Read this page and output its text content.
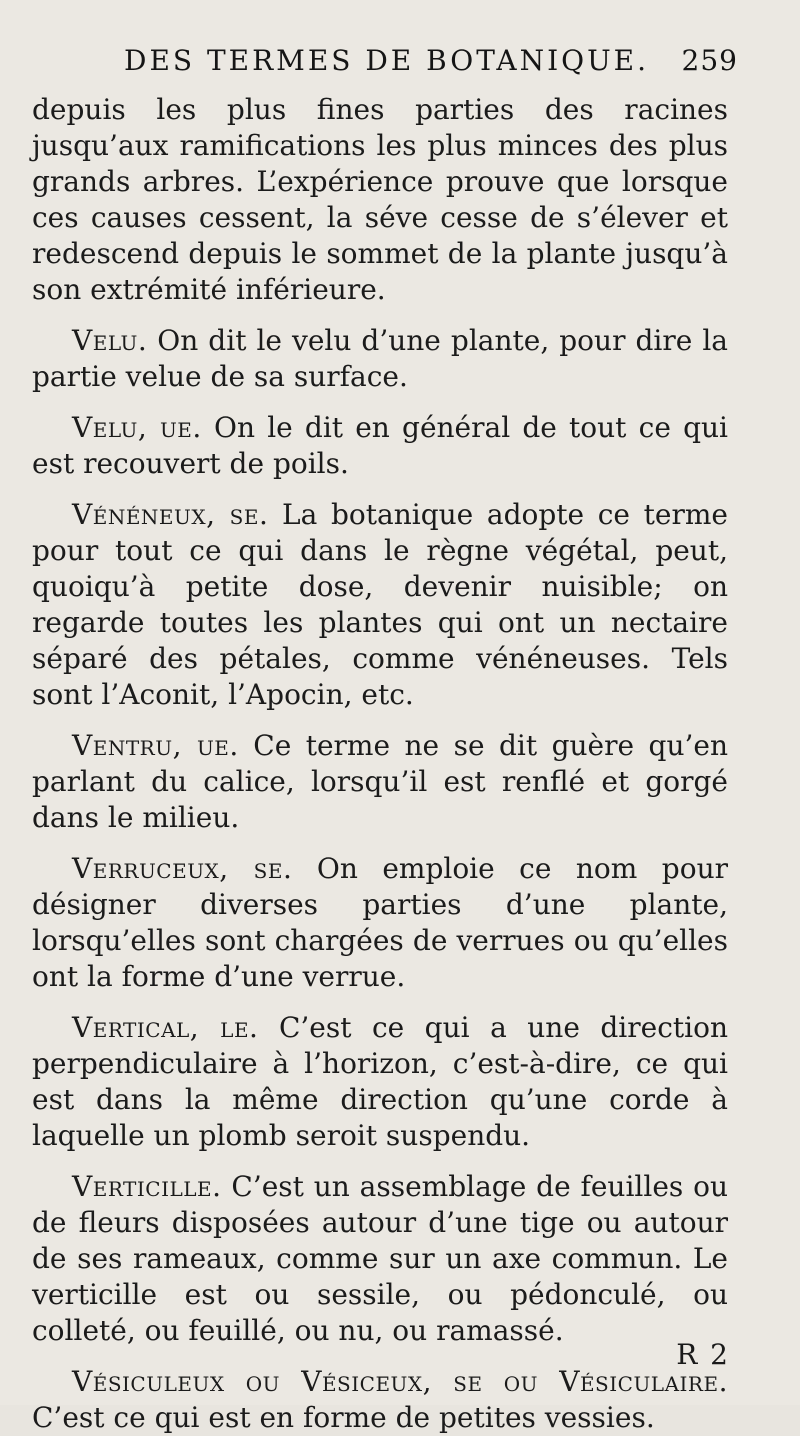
DES TERMES DE BOTANIQUE. 259

depuis les plus fines parties des racines jusqu’aux ramifications les plus minces des plus grands arbres. L’expérience prouve que lorsque ces causes cessent, la séve cesse de s’élever et redescend depuis le sommet de la plante jusqu’à son extrémité inférieure.

Velu. On dit le velu d’une plante, pour dire la partie velue de sa surface.

Velu, ue. On le dit en général de tout ce qui est recouvert de poils.

Vénéneux, se. La botanique adopte ce terme pour tout ce qui dans le règne végétal, peut, quoiqu’à petite dose, devenir nuisible; on regarde toutes les plantes qui ont un nectaire séparé des pétales, comme vénéneuses. Tels sont l’Aconit, l’Apocin, etc.

Ventru, ue. Ce terme ne se dit guère qu’en parlant du calice, lorsqu’il est renflé et gorgé dans le milieu.

Verruceux, se. On emploie ce nom pour désigner diverses parties d’une plante, lorsqu’elles sont chargées de verrues ou qu’elles ont la forme d’une verrue.

Vertical, le. C’est ce qui a une direction perpendiculaire à l’horizon, c’est-à-dire, ce qui est dans la même direction qu’une corde à laquelle un plomb seroit suspendu.

Verticille. C’est un assemblage de feuilles ou de fleurs disposées autour d’une tige ou autour de ses rameaux, comme sur un axe commun. Le verticille est ou sessile, ou pédonculé, ou colleté, ou feuillé, ou nu, ou ramassé.

Vésiculeux ou Vésiceux, se ou Vésiculaire. C’est ce qui est en forme de petites vessies.

R 2
